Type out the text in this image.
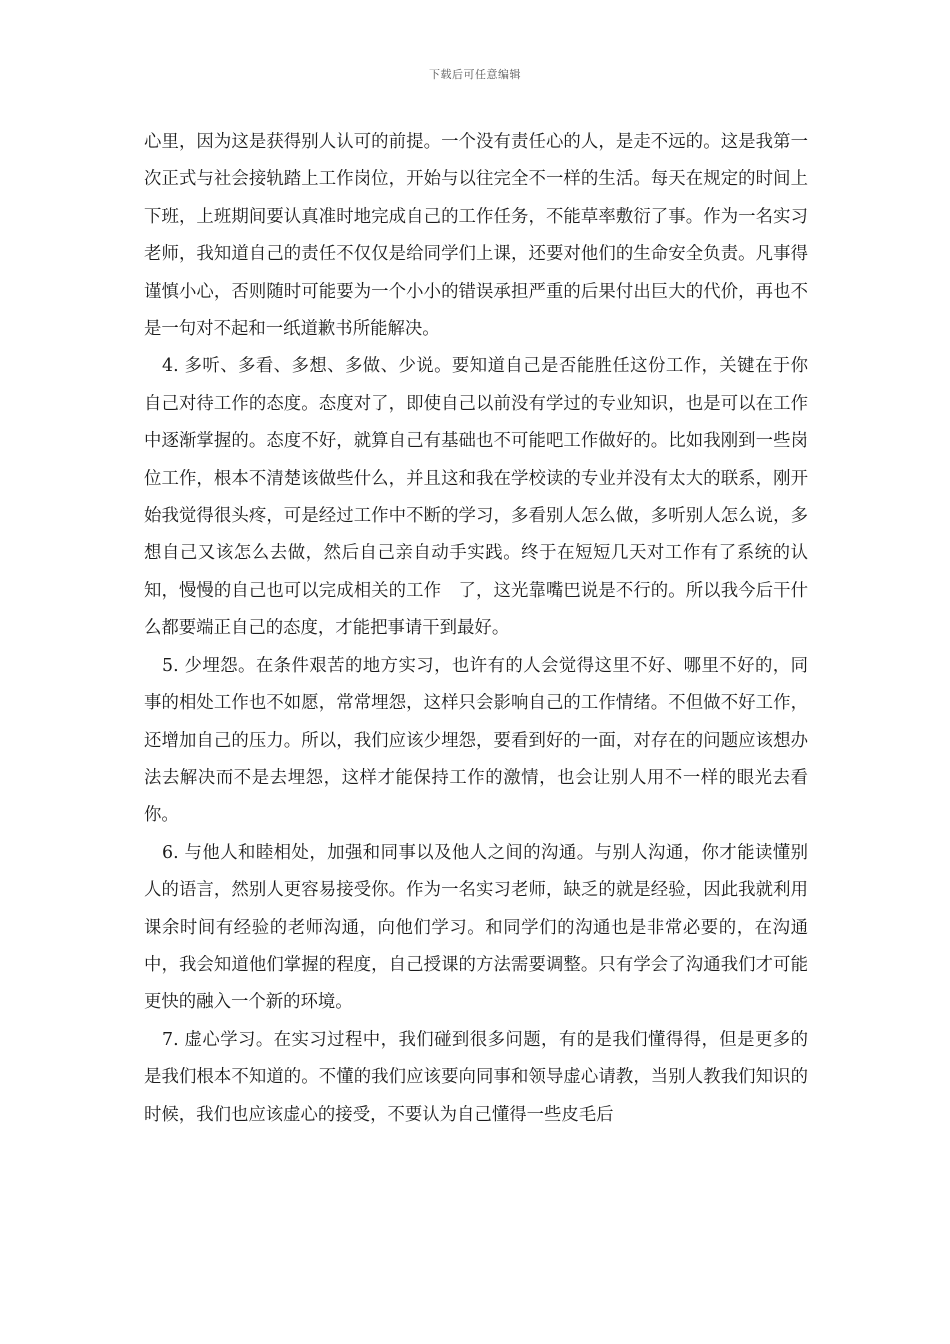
下载后可任意编辑

心里，因为这是获得别人认可的前提。一个没有责任心的人，是走不远的。这是我第一次正式与社会接轨踏上工作岗位，开始与以往完全不一样的生活。每天在规定的时间上下班，上班期间要认真准时地完成自己的工作任务，不能草率敷衍了事。作为一名实习老师，我知道自己的责任不仅仅是给同学们上课，还要对他们的生命安全负责。凡事得谨慎小心，否则随时可能要为一个小小的错误承担严重的后果付出巨大的代价，再也不是一句对不起和一纸道歉书所能解决。

4. 多听、多看、多想、多做、少说。要知道自己是否能胜任这份工作，关键在于你自己对待工作的态度。态度对了，即使自己以前没有学过的专业知识，也是可以在工作中逐渐掌握的。态度不好，就算自己有基础也不可能吧工作做好的。比如我刚到一些岗位工作，根本不清楚该做些什么，并且这和我在学校读的专业并没有太大的联系，刚开始我觉得很头疼，可是经过工作中不断的学习，多看别人怎么做，多听别人怎么说，多想自己又该怎么去做，然后自己亲自动手实践。终于在短短几天对工作有了系统的认知，慢慢的自己也可以完成相关的工作　了，这光靠嘴巴说是不行的。所以我今后干什么都要端正自己的态度，才能把事请干到最好。

5. 少埋怨。在条件艰苦的地方实习，也许有的人会觉得这里不好、哪里不好的，同事的相处工作也不如愿，常常埋怨，这样只会影响自己的工作情绪。不但做不好工作，还增加自己的压力。所以，我们应该少埋怨，要看到好的一面，对存在的问题应该想办法去解决而不是去埋怨，这样才能保持工作的激情，也会让别人用不一样的眼光去看你。

6. 与他人和睦相处，加强和同事以及他人之间的沟通。与别人沟通，你才能读懂别人的语言，然别人更容易接受你。作为一名实习老师，缺乏的就是经验，因此我就利用课余时间有经验的老师沟通，向他们学习。和同学们的沟通也是非常必要的，在沟通中，我会知道他们掌握的程度，自己授课的方法需要调整。只有学会了沟通我们才可能更快的融入一个新的环境。

7. 虚心学习。在实习过程中，我们碰到很多问题，有的是我们懂得得，但是更多的是我们根本不知道的。不懂的我们应该要向同事和领导虚心请教，当别人教我们知识的时候，我们也应该虚心的接受，不要认为自己懂得一些皮毛后
